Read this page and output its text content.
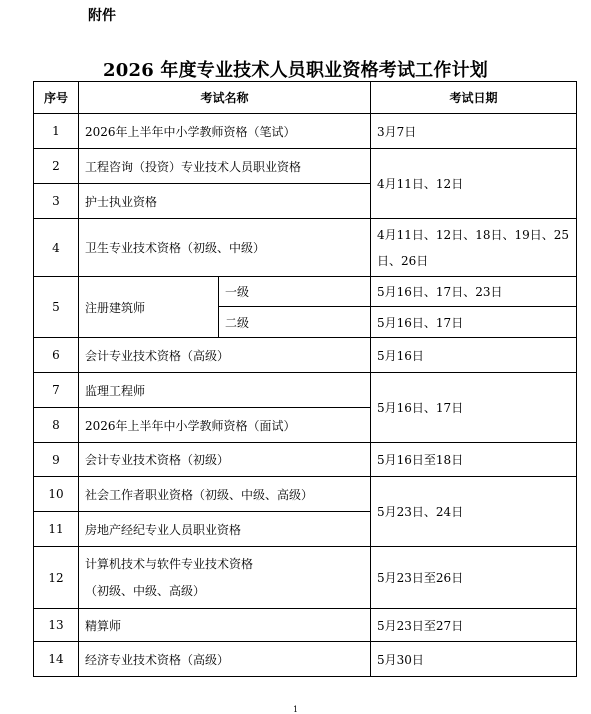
附件
2026 年度专业技术人员职业资格考试工作计划
序号	考试名称		考试日期
1	2026年上半年中小学教师资格（笔试）		3月7日
2	工程咨询（投资）专业技术人员职业资格		4月11日、12日
3	护士执业资格		
4	卫生专业技术资格（初级、中级）		4月11日、12日、18日、19日、25日、26日
5	注册建筑师	一级	5月16日、17日、23日
		二级	5月16日、17日
6	会计专业技术资格（高级）		5月16日
7	监理工程师		5月16日、17日
8	2026年上半年中小学教师资格（面试）		
9	会计专业技术资格（初级）		5月16日至18日
10	社会工作者职业资格（初级、中级、高级）		5月23日、24日
11	房地产经纪专业人员职业资格		
12	计算机技术与软件专业技术资格
（初级、中级、高级）		5月23日至26日
13	精算师		5月23日至27日
14	经济专业技术资格（高级）		5月30日
1
